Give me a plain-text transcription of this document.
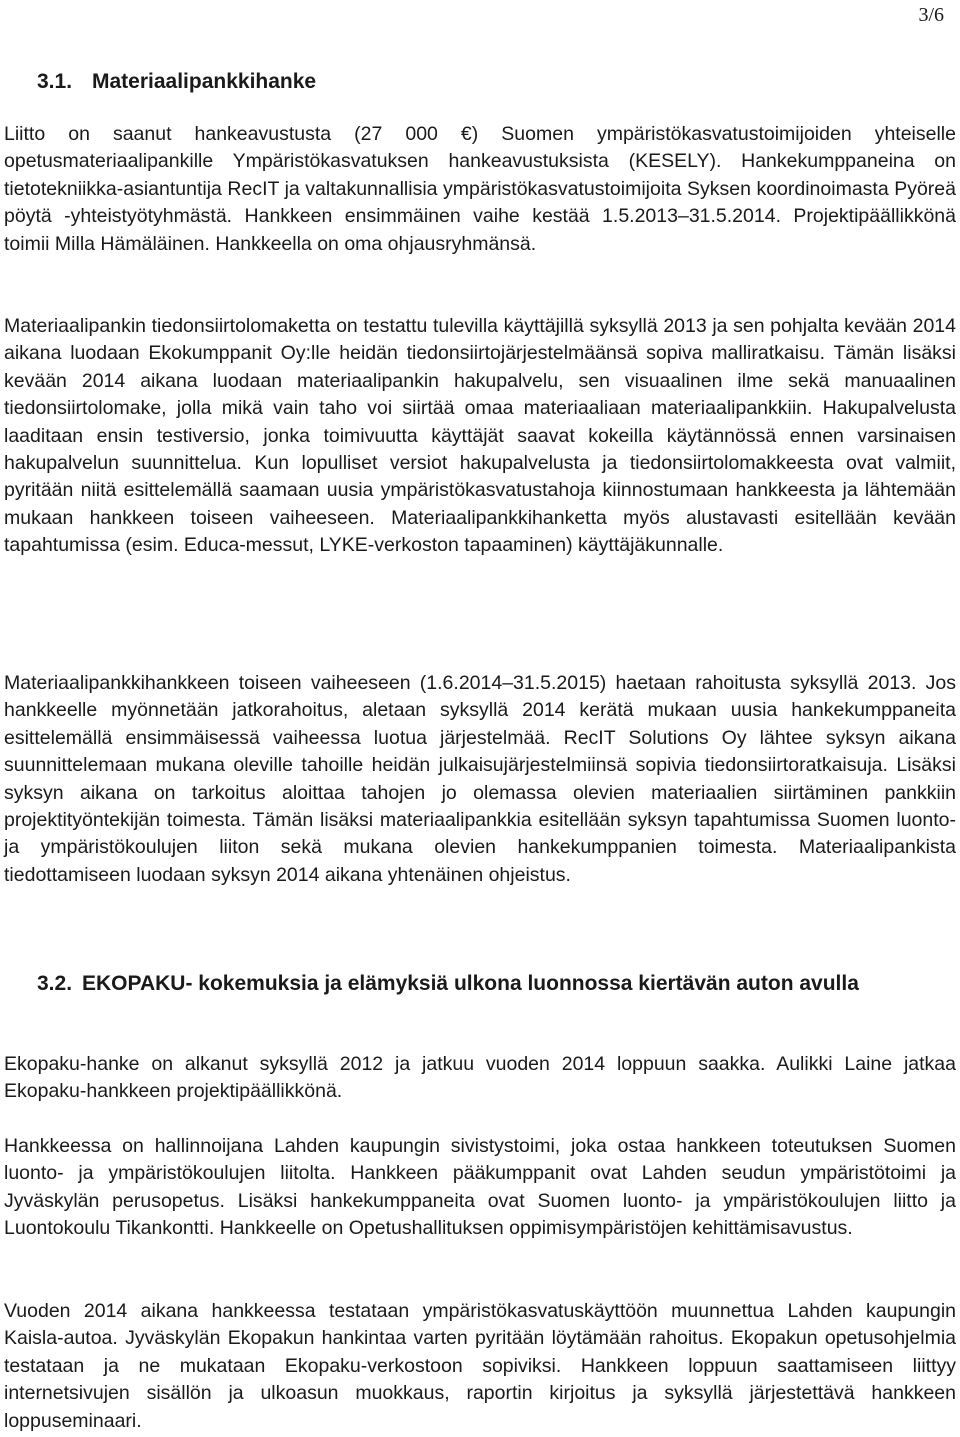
3/6
3.1. Materiaalipankkihanke

Liitto on saanut hankeavustusta (27 000 €) Suomen ympäristökasvatustoimijoiden yhteiselle opetusmateriaalipankille Ympäristökasvatuksen hankeavustuksista (KESELY). Hankekumppaneina on tietotekniikka-asiantuntija RecIT ja valtakunnallisia ympäristökasvatustoimijoita Syksen koordinoimasta Pyöreä pöytä -yhteistyötyhmästä. Hankkeen ensimmäinen vaihe kestää 1.5.2013–31.5.2014. Projektipäällikkönä toimii Milla Hämäläinen. Hankkeella on oma ohjausryhmänsä.

Materiaalipankin tiedonsiirtolomaketta on testattu tulevilla käyttäjillä syksyllä 2013 ja sen pohjalta kevään 2014 aikana luodaan Ekokumppanit Oy:lle heidän tiedonsiirtojärjestelmäänsä sopiva malliratkaisu. Tämän lisäksi kevään 2014 aikana luodaan materiaalipankin hakupalvelu, sen visuaalinen ilme sekä manuaalinen tiedonsiirtolomake, jolla mikä vain taho voi siirtää omaa materiaaliaan materiaalipankkiin. Hakupalvelusta laaditaan ensin testiversio, jonka toimivuutta käyttäjät saavat kokeilla käytännössä ennen varsinaisen hakupalvelun suunnittelua. Kun lopulliset versiot hakupalvelusta ja tiedonsiirtolomakkeesta ovat valmiit, pyritään niitä esittelemällä saamaan uusia ympäristökasvatustahoja kiinnostumaan hankkeesta ja lähtemään mukaan hankkeen toiseen vaiheeseen. Materiaalipankkihanketta myös alustavasti esitellään kevään tapahtumissa (esim. Educa-messut, LYKE-verkoston tapaaminen) käyttäjäkunnalle.

Materiaalipankkihankkeen toiseen vaiheeseen (1.6.2014–31.5.2015) haetaan rahoitusta syksyllä 2013. Jos hankkeelle myönnetään jatkorahoitus, aletaan syksyllä 2014 kerätä mukaan uusia hankekumppaneita esittelemällä ensimmäisessä vaiheessa luotua järjestelmää. RecIT Solutions Oy lähtee syksyn aikana suunnittelemaan mukana oleville tahoille heidän julkaisujärjestelmiinsä sopivia tiedonsiirtoratkaisuja. Lisäksi syksyn aikana on tarkoitus aloittaa tahojen jo olemassa olevien materiaalien siirtäminen pankkiin projektityöntekijän toimesta. Tämän lisäksi materiaalipankkia esitellään syksyn tapahtumissa Suomen luonto- ja ympäristökoulujen liiton sekä mukana olevien hankekumppanien toimesta. Materiaalipankista tiedottamiseen luodaan syksyn 2014 aikana yhtenäinen ohjeistus.

3.2. EKOPAKU- kokemuksia ja elämyksiä ulkona luonnossa kiertävän auton avulla

Ekopaku-hanke on alkanut syksyllä 2012 ja jatkuu vuoden 2014 loppuun saakka. Aulikki Laine jatkaa Ekopaku-hankkeen projektipäällikkönä.

Hankkeessa on hallinnoijana Lahden kaupungin sivistystoimi, joka ostaa hankkeen toteutuksen Suomen luonto- ja ympäristökoulujen liitolta. Hankkeen pääkumppanit ovat Lahden seudun ympäristötoimi ja Jyväskylän perusopetus. Lisäksi hankekumppaneita ovat Suomen luonto- ja ympäristökoulujen liitto ja Luontokoulu Tikankontti. Hankkeelle on Opetushallituksen oppimisympäristöjen kehittämisavustus.

Vuoden 2014 aikana hankkeessa testataan ympäristökasvatuskäyttöön muunnettua Lahden kaupungin Kaisla-autoa. Jyväskylän Ekopakun hankintaa varten pyritään löytämään rahoitus. Ekopakun opetusohjelmia testataan ja ne mukataan Ekopaku-verkostoon sopiviksi. Hankkeen loppuun saattamiseen liittyy internetsivujen sisällön ja ulkoasun muokkaus, raportin kirjoitus ja syksyllä järjestettävä hankkeen loppuseminaari.
